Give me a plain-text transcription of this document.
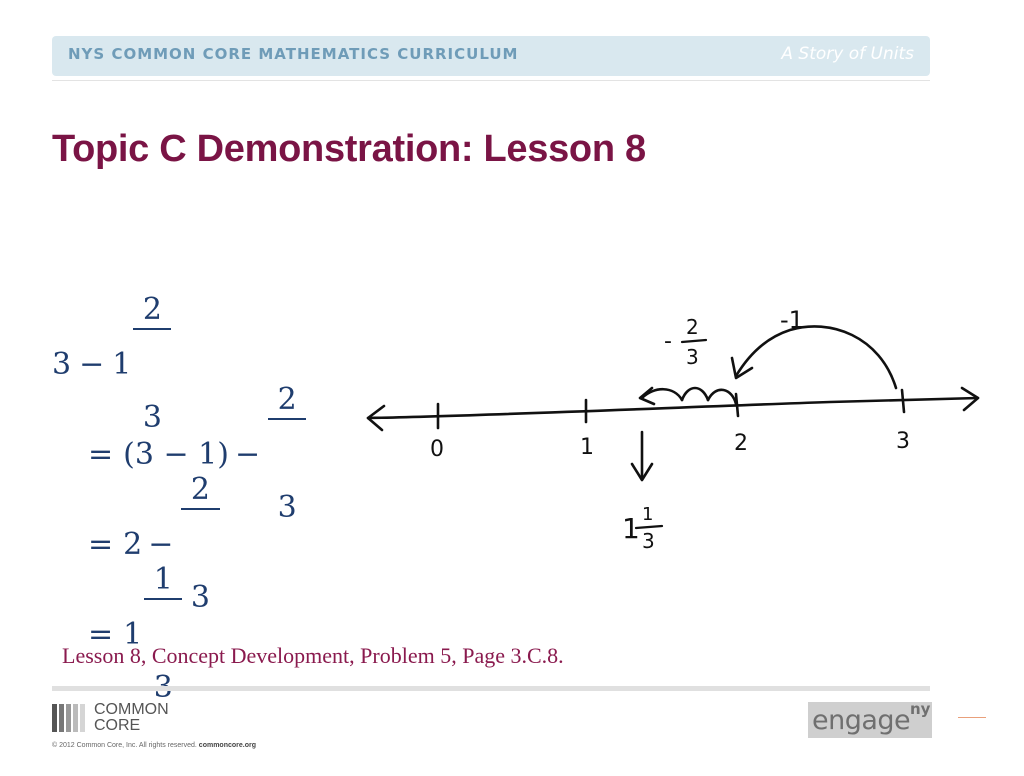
NYS COMMON CORE MATHEMATICS CURRICULUM	A Story of Units
Topic C Demonstration: Lesson 8
3 − 1

$\frac{2}{3}$

= (3 − 1) −

$\frac{2}{3}$

= 2 −

$\frac{2}{3}$

= 1

1

0	1	2	3
-1
-
2
3
1 1
3
Lesson 8, Concept Development, Problem 5, Page 3.C.8.
COMMON
CORE
© 2012 Common Core, Inc. All rights reserved. commoncore.org
engage ny
